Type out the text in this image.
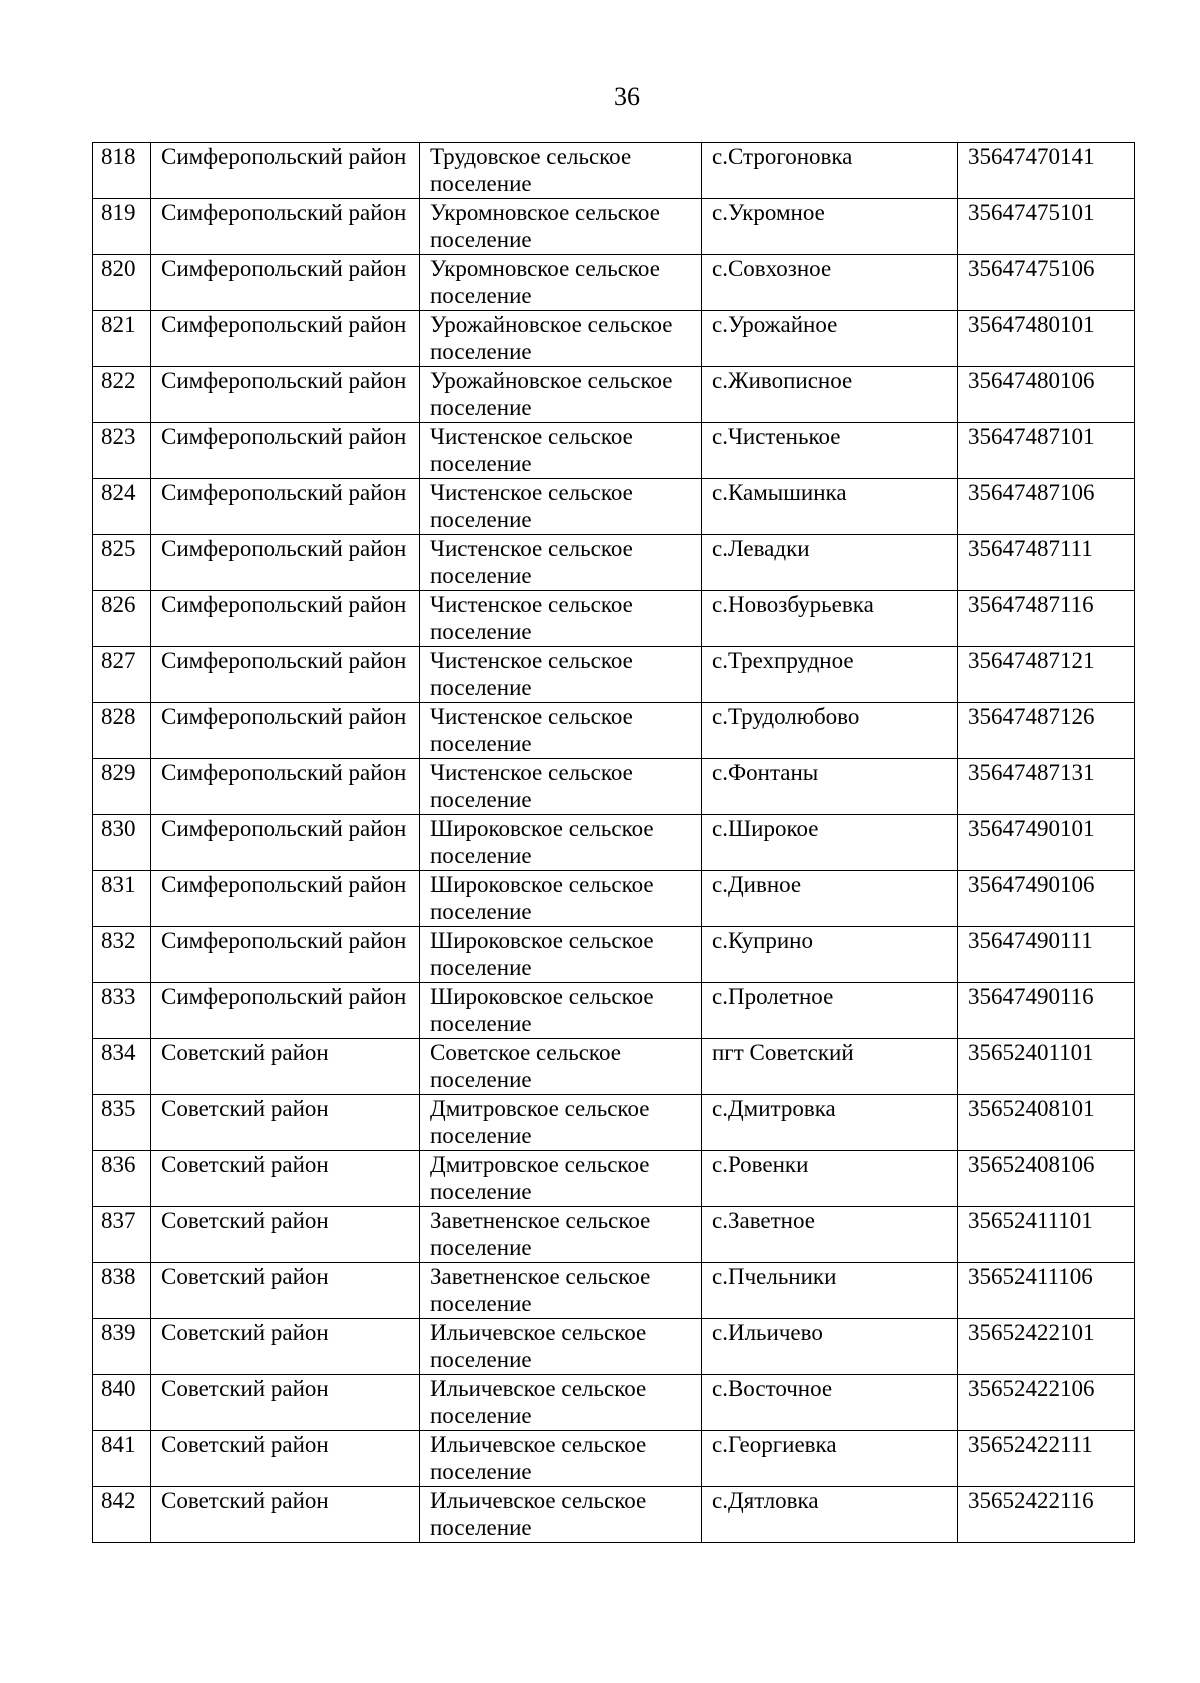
36
818	Симферопольский район	Трудовское сельское поселение	с.Строгоновка	35647470141
819	Симферопольский район	Укромновское сельское поселение	с.Укромное	35647475101
820	Симферопольский район	Укромновское сельское поселение	с.Совхозное	35647475106
821	Симферопольский район	Урожайновское сельское поселение	с.Урожайное	35647480101
822	Симферопольский район	Урожайновское сельское поселение	с.Живописное	35647480106
823	Симферопольский район	Чистенское сельское поселение	с.Чистенькое	35647487101
824	Симферопольский район	Чистенское сельское поселение	с.Камышинка	35647487106
825	Симферопольский район	Чистенское сельское поселение	с.Левадки	35647487111
826	Симферопольский район	Чистенское сельское поселение	с.Новозбурьевка	35647487116
827	Симферопольский район	Чистенское сельское поселение	с.Трехпрудное	35647487121
828	Симферопольский район	Чистенское сельское поселение	с.Трудолюбово	35647487126
829	Симферопольский район	Чистенское сельское поселение	с.Фонтаны	35647487131
830	Симферопольский район	Широковское сельское поселение	с.Широкое	35647490101
831	Симферопольский район	Широковское сельское поселение	с.Дивное	35647490106
832	Симферопольский район	Широковское сельское поселение	с.Куприно	35647490111
833	Симферопольский район	Широковское сельское поселение	с.Пролетное	35647490116
834	Советский район	Советское сельское поселение	пгт Советский	35652401101
835	Советский район	Дмитровское сельское поселение	с.Дмитровка	35652408101
836	Советский район	Дмитровское сельское поселение	с.Ровенки	35652408106
837	Советский район	Заветненское сельское поселение	с.Заветное	35652411101
838	Советский район	Заветненское сельское поселение	с.Пчельники	35652411106
839	Советский район	Ильичевское сельское поселение	с.Ильичево	35652422101
840	Советский район	Ильичевское сельское поселение	с.Восточное	35652422106
841	Советский район	Ильичевское сельское поселение	с.Георгиевка	35652422111
842	Советский район	Ильичевское сельское поселение	с.Дятловка	35652422116
